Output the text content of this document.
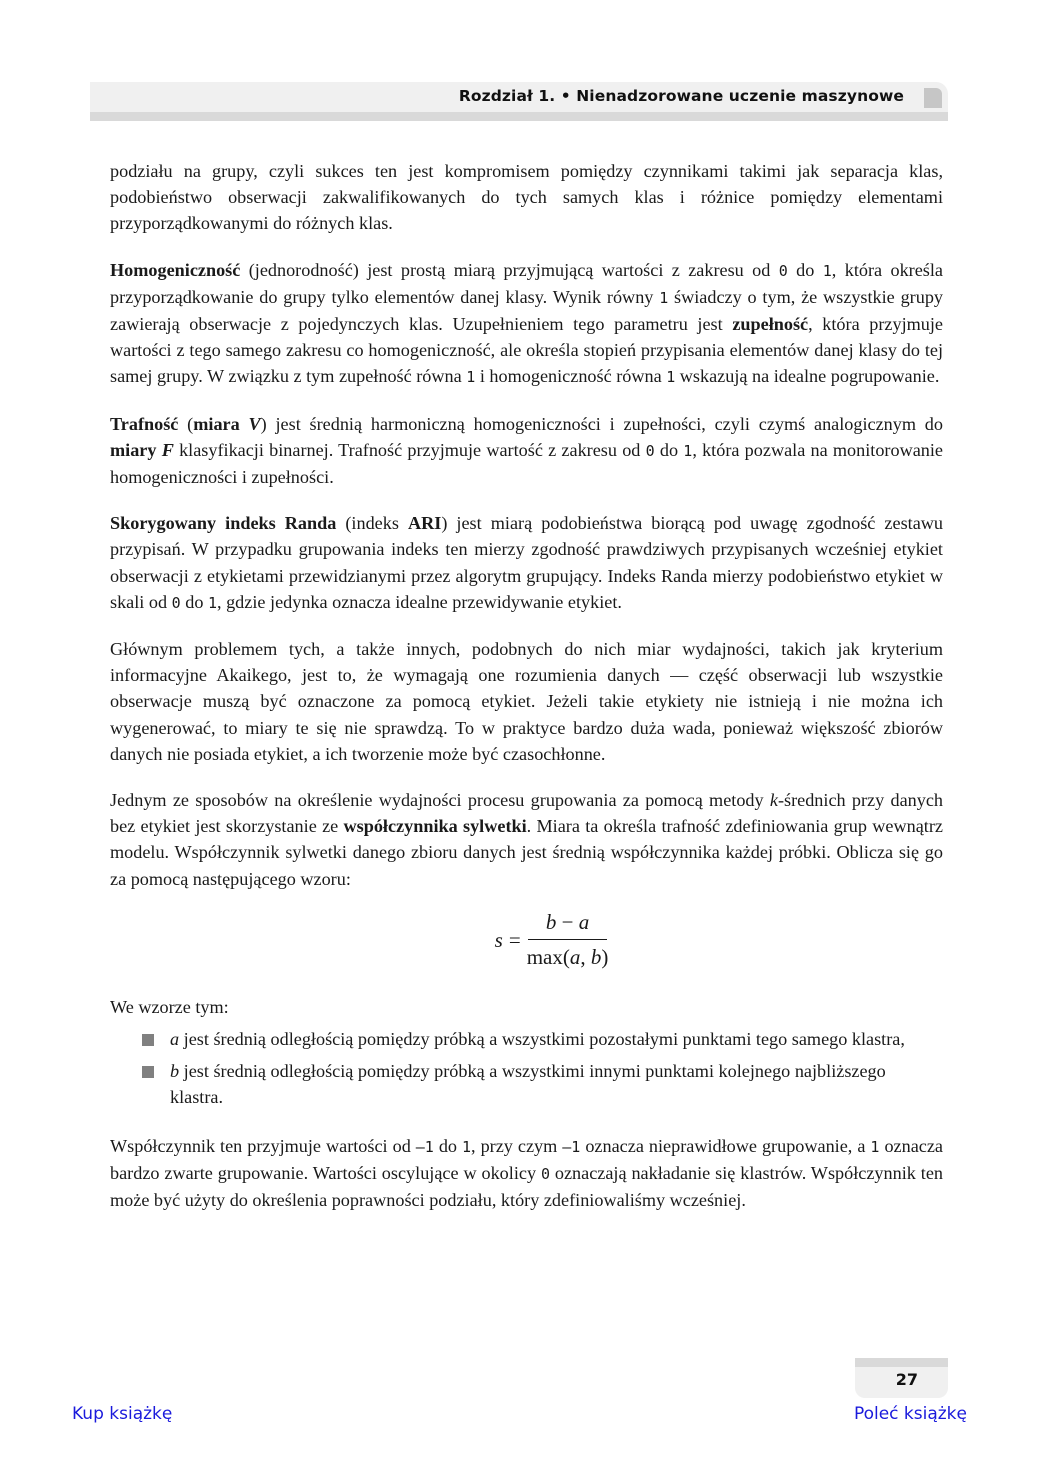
Rozdział 1. • Nienadzorowane uczenie maszynowe

podziału na grupy, czyli sukces ten jest kompromisem pomiędzy czynnikami takimi jak separacja klas, podobieństwo obserwacji zakwalifikowanych do tych samych klas i różnice pomiędzy elementami przyporządkowanymi do różnych klas.

Homogeniczność (jednorodność) jest prostą miarą przyjmującą wartości z zakresu od 0 do 1, która określa przyporządkowanie do grupy tylko elementów danej klasy. Wynik równy 1 świadczy o tym, że wszystkie grupy zawierają obserwacje z pojedynczych klas. Uzupełnieniem tego parametru jest zupełność, która przyjmuje wartości z tego samego zakresu co homogeniczność, ale określa stopień przypisania elementów danej klasy do tej samej grupy. W związku z tym zupełność równa 1 i homogeniczność równa 1 wskazują na idealne pogrupowanie.

Trafność (miara V) jest średnią harmoniczną homogeniczności i zupełności, czyli czymś analogicznym do miary F klasyfikacji binarnej. Trafność przyjmuje wartość z zakresu od 0 do 1, która pozwala na monitorowanie homogeniczności i zupełności.

Skorygowany indeks Randa (indeks ARI) jest miarą podobieństwa biorącą pod uwagę zgodność zestawu przypisań. W przypadku grupowania indeks ten mierzy zgodność prawdziwych przypisanych wcześniej etykiet obserwacji z etykietami przewidzianymi przez algorytm grupujący. Indeks Randa mierzy podobieństwo etykiet w skali od 0 do 1, gdzie jedynka oznacza idealne przewidywanie etykiet.

Głównym problemem tych, a także innych, podobnych do nich miar wydajności, takich jak kryterium informacyjne Akaikego, jest to, że wymagają one rozumienia danych — część obserwacji lub wszystkie obserwacje muszą być oznaczone za pomocą etykiet. Jeżeli takie etykiety nie istnieją i nie można ich wygenerować, to miary te się nie sprawdzą. To w praktyce bardzo duża wada, ponieważ większość zbiorów danych nie posiada etykiet, a ich tworzenie może być czasochłonne.

Jednym ze sposobów na określenie wydajności procesu grupowania za pomocą metody k-średnich przy danych bez etykiet jest skorzystanie ze współczynnika sylwetki. Miara ta określa trafność zdefiniowania grup wewnątrz modelu. Współczynnik sylwetki danego zbioru danych jest średnią współczynnika każdej próbki. Oblicza się go za pomocą następującego wzoru:

$s = \frac{b - a}{\max(a, b)}$

We wzorze tym:

a jest średnią odległością pomiędzy próbką a wszystkimi pozostałymi punktami tego samego klastra,
b jest średnią odległością pomiędzy próbką a wszystkimi innymi punktami kolejnego najbliższego klastra.

Współczynnik ten przyjmuje wartości od –1 do 1, przy czym –1 oznacza nieprawidłowe grupowanie, a 1 oznacza bardzo zwarte grupowanie. Wartości oscylujące w okolicy 0 oznaczają nakładanie się klastrów. Współczynnik ten może być użyty do określenia poprawności podziału, który zdefiniowaliśmy wcześniej.

27
Kup książkę	Poleć książkę
